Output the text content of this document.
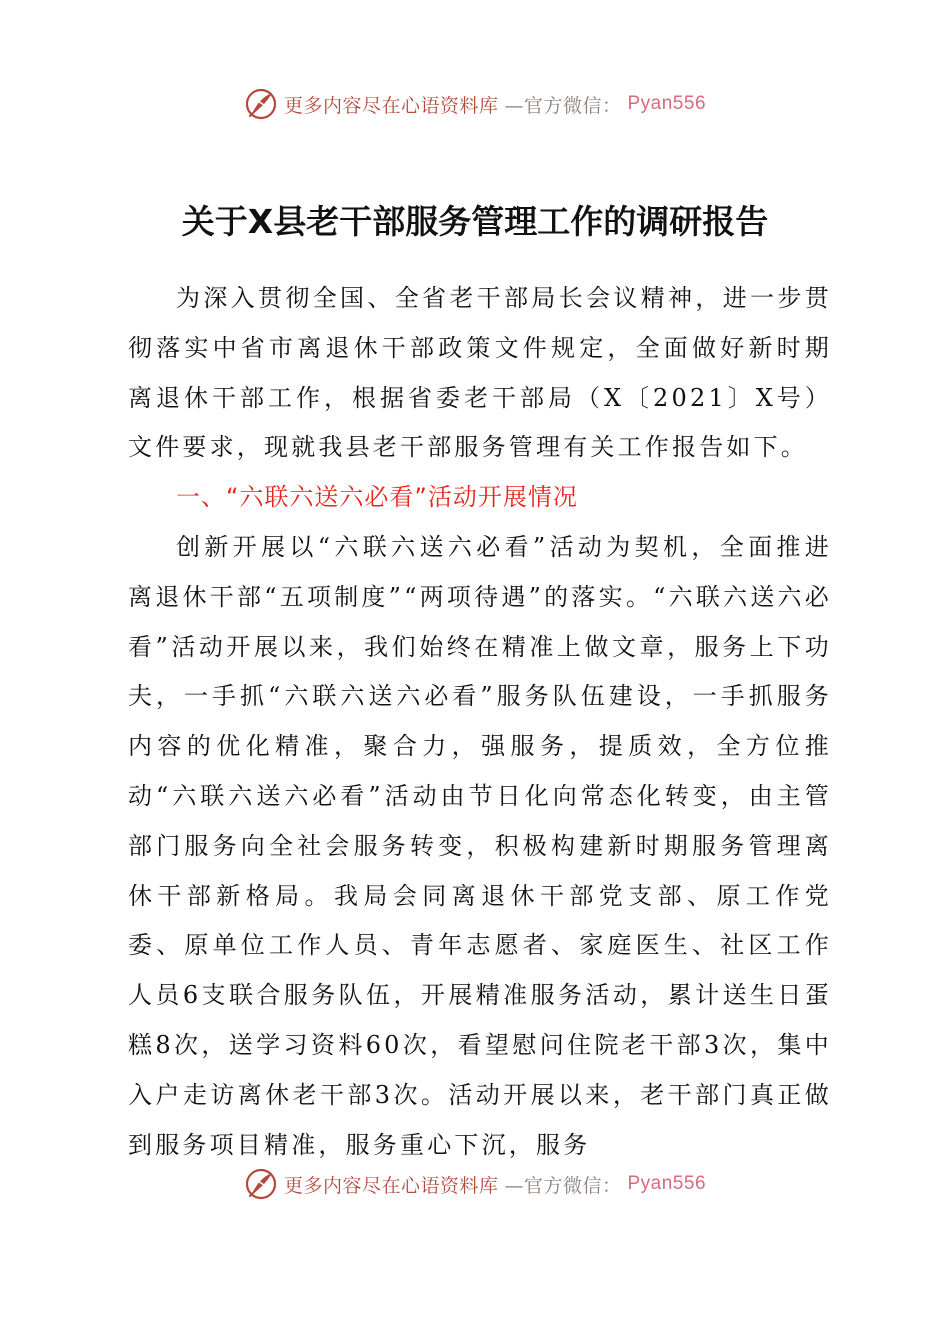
更多内容尽在心语资料库 —官方微信： Pyan556
关于X县老干部服务管理工作的调研报告

为深入贯彻全国、全省老干部局长会议精神，进一步贯彻落实中省市离退休干部政策文件规定，全面做好新时期离退休干部工作，根据省委老干部局（X〔2021〕X号）文件要求，现就我县老干部服务管理有关工作报告如下。

一、“六联六送六必看”活动开展情况

创新开展以“六联六送六必看”活动为契机，全面推进离退休干部“五项制度”“两项待遇”的落实。“六联六送六必看”活动开展以来，我们始终在精准上做文章，服务上下功夫，一手抓“六联六送六必看”服务队伍建设，一手抓服务内容的优化精准，聚合力，强服务，提质效，全方位推动“六联六送六必看”活动由节日化向常态化转变，由主管部门服务向全社会服务转变，积极构建新时期服务管理离休干部新格局。我局会同离退休干部党支部、原工作党委、原单位工作人员、青年志愿者、家庭医生、社区工作人员6支联合服务队伍，开展精准服务活动，累计送生日蛋糕8次，送学习资料60次，看望慰问住院老干部3次，集中入户走访离休老干部3次。活动开展以来，老干部门真正做到服务项目精准，服务重心下沉，服务

更多内容尽在心语资料库 —官方微信： Pyan556
